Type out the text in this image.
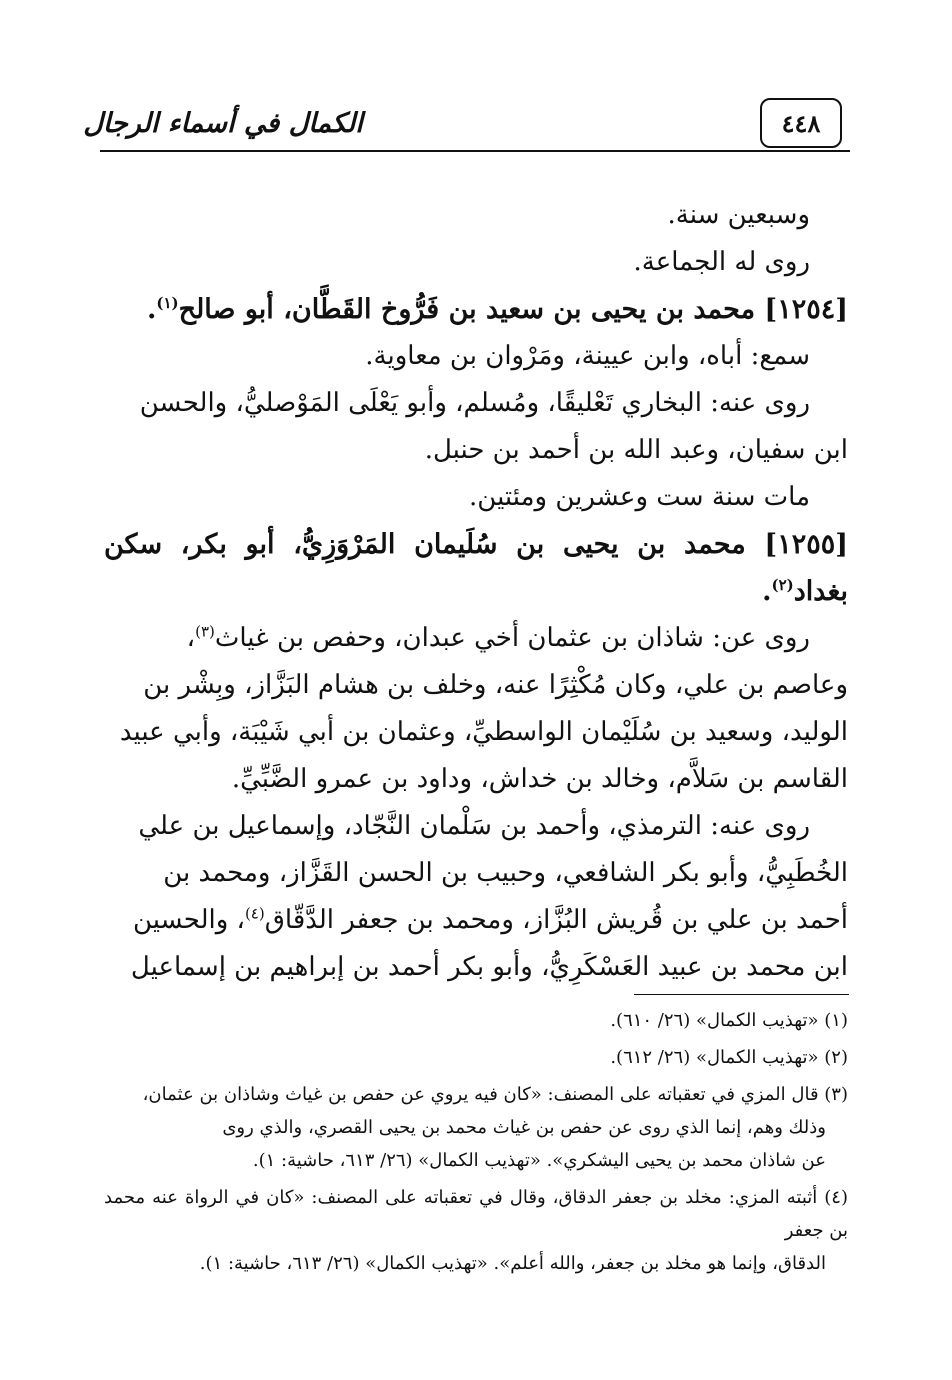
٤٤٨
الكمال في أسماء الرجال

وسبعين سنة.

روى له الجماعة.

[١٢٥٤] محمد بن يحيى بن سعيد بن فَرُّوخ القَطَّان، أبو صالح$^{(١)}$.

سمع: أباه، وابن عيينة، ومَرْوان بن معاوية.

روى عنه: البخاري تَعْليقًا، ومُسلم، وأبو يَعْلَى المَوْصليُّ، والحسن

ابن سفيان، وعبد الله بن أحمد بن حنبل.

مات سنة ست وعشرين ومئتين.

[١٢٥٥] محمد بن يحيى بن سُلَيمان المَرْوَزِيُّ، أبو بكر، سكن بغداد$^{(٢)}$.

روى عن: شاذان بن عثمان أخي عبدان، وحفص بن غياث$^{(٣)}$،

وعاصم بن علي، وكان مُكْثِرًا عنه، وخلف بن هشام البَزَّاز، وبِشْر بن

الوليد، وسعيد بن سُلَيْمان الواسطيِّ، وعثمان بن أبي شَيْبَة، وأبي عبيد

القاسم بن سَلاَّم، وخالد بن خداش، وداود بن عمرو الضَّبِّيِّ.

روى عنه: الترمذي، وأحمد بن سَلْمان النَّجّاد، وإسماعيل بن علي

الخُطَبِيُّ، وأبو بكر الشافعي، وحبيب بن الحسن القَزَّاز، ومحمد بن

أحمد بن علي بن قُريش البُزَّاز، ومحمد بن جعفر الدَّقّاق$^{(٤)}$، والحسين

ابن محمد بن عبيد العَسْكَرِيُّ، وأبو بكر أحمد بن إبراهيم بن إسماعيل

(١) «تهذيب الكمال» (٢٦/ ٦١٠).

(٢) «تهذيب الكمال» (٢٦/ ٦١٢).

(٣) قال المزي في تعقباته على المصنف: «كان فيه يروي عن حفص بن غياث وشاذان بن عثمان،

وذلك وهم، إنما الذي روى عن حفص بن غياث محمد بن يحيى القصري، والذي روى

عن شاذان محمد بن يحيى اليشكري». «تهذيب الكمال» (٢٦/ ٦١٣، حاشية: ١).

(٤) أثبته المزي: مخلد بن جعفر الدقاق، وقال في تعقباته على المصنف: «كان في الرواة عنه محمد بن جعفر

الدقاق، وإنما هو مخلد بن جعفر، والله أعلم». «تهذيب الكمال» (٢٦/ ٦١٣، حاشية: ١).
